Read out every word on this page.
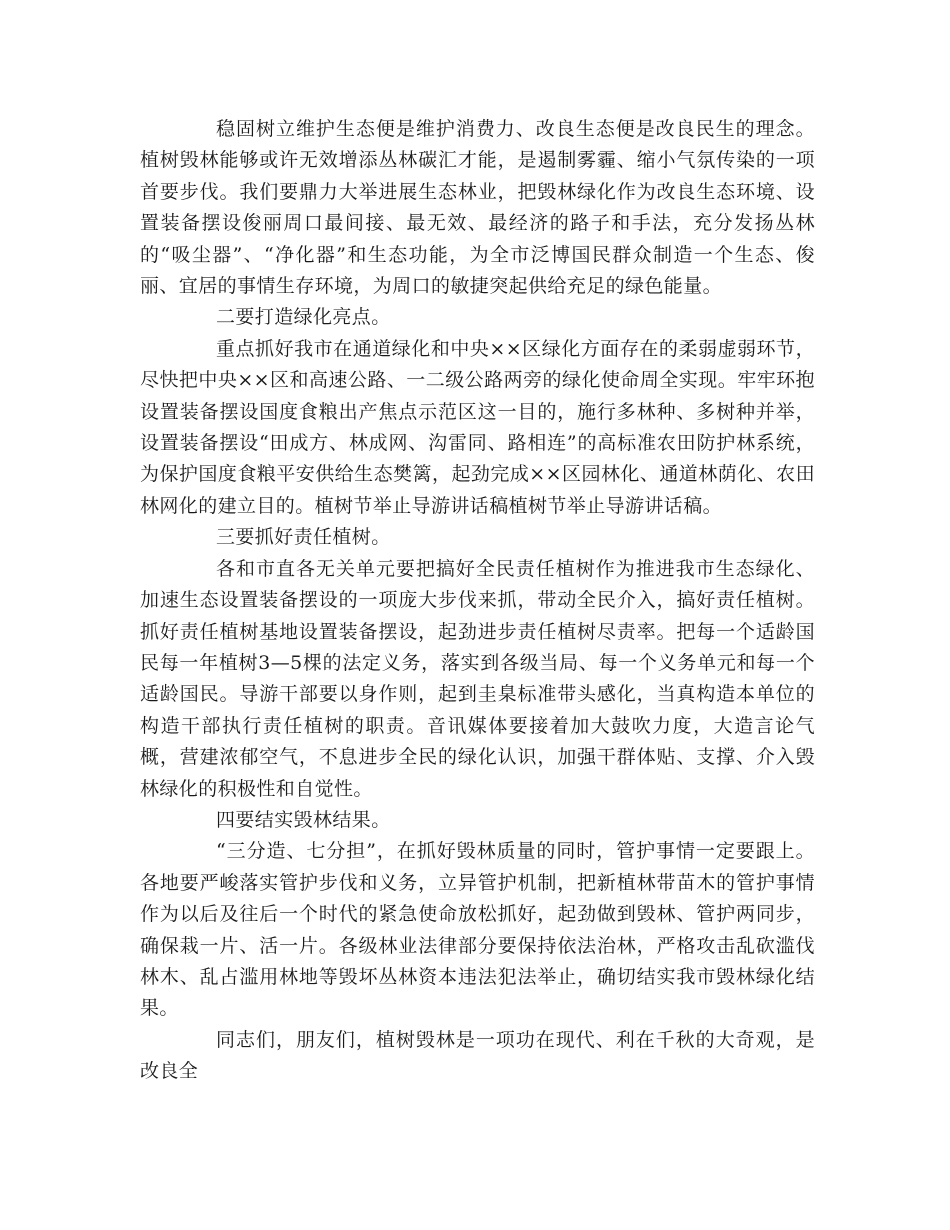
稳固树立维护生态便是维护消费力、改良生态便是改良民生的理念。植树毁林能够或许无效增添丛林碳汇才能，是遏制雾霾、缩小气氛传染的一项首要步伐。我们要鼎力大举进展生态林业，把毁林绿化作为改良生态环境、设置装备摆设俊丽周口最间接、最无效、最经济的路子和手法，充分发扬丛林的“吸尘器”、“净化器”和生态功能，为全市泛博国民群众制造一个生态、俊丽、宜居的事情生存环境，为周口的敏捷突起供给充足的绿色能量。

二要打造绿化亮点。

重点抓好我市在通道绿化和中央××区绿化方面存在的柔弱虚弱环节，尽快把中央××区和高速公路、一二级公路两旁的绿化使命周全实现。牢牢环抱设置装备摆设国度食粮出产焦点示范区这一目的，施行多林种、多树种并举，设置装备摆设“田成方、林成网、沟雷同、路相连”的高标准农田防护林系统，为保护国度食粮平安供给生态樊篱，起劲完成××区园林化、通道林荫化、农田林网化的建立目的。植树节举止导游讲话稿植树节举止导游讲话稿。

三要抓好责任植树。

各和市直各无关单元要把搞好全民责任植树作为推进我市生态绿化、加速生态设置装备摆设的一项庞大步伐来抓，带动全民介入，搞好责任植树。抓好责任植树基地设置装备摆设，起劲进步责任植树尽责率。把每一个适龄国民每一年植树3—5棵的法定义务，落实到各级当局、每一个义务单元和每一个适龄国民。导游干部要以身作则，起到圭臬标准带头感化，当真构造本单位的构造干部执行责任植树的职责。音讯媒体要接着加大鼓吹力度，大造言论气概，营建浓郁空气，不息进步全民的绿化认识，加强干群体贴、支撑、介入毁林绿化的积极性和自觉性。

四要结实毁林结果。

“三分造、七分担”，在抓好毁林质量的同时，管护事情一定要跟上。各地要严峻落实管护步伐和义务，立异管护机制，把新植林带苗木的管护事情作为以后及往后一个时代的紧急使命放松抓好，起劲做到毁林、管护两同步，确保栽一片、活一片。各级林业法律部分要保持依法治林，严格攻击乱砍滥伐林木、乱占滥用林地等毁坏丛林资本违法犯法举止，确切结实我市毁林绿化结果。

同志们，朋友们，植树毁林是一项功在现代、利在千秋的大奇观，是改良全
